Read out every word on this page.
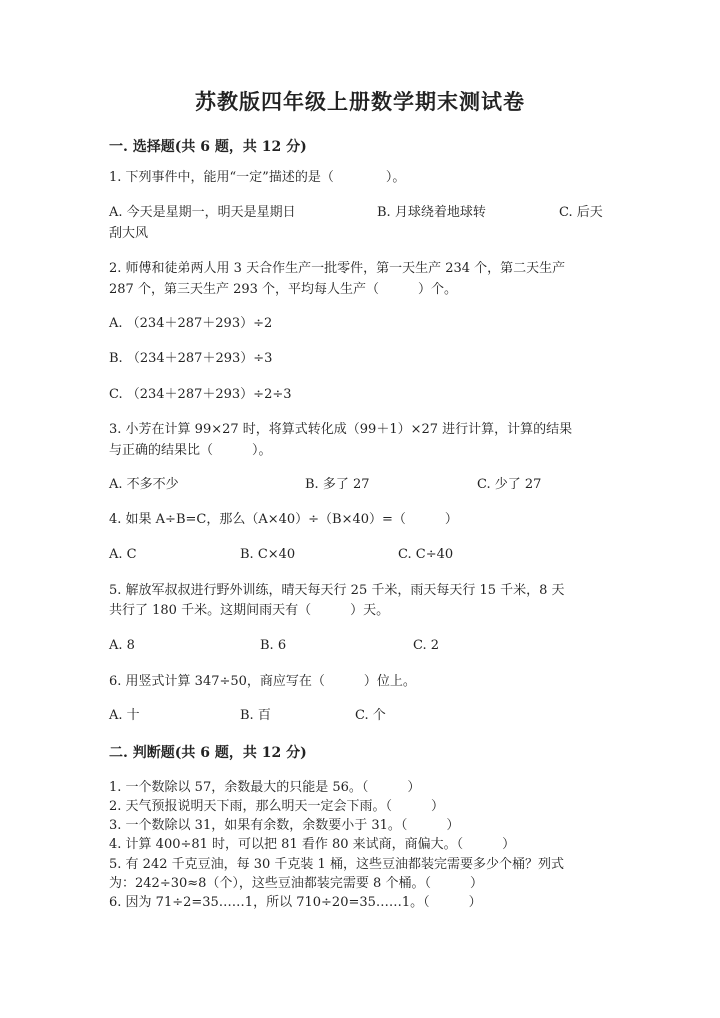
苏教版四年级上册数学期末测试卷
一. 选择题(共 6 题，共 12 分)
1. 下列事件中，能用“一定”描述的是（　　　　）。
A. 今天是星期一，明天是星期日	B. 月球绕着地球转	C. 后天
刮大风
2. 师傅和徒弟两人用 3 天合作生产一批零件，第一天生产 234 个，第二天生产
287 个，第三天生产 293 个，平均每人生产（　　　）个。
A. （234＋287＋293）÷2
B. （234＋287＋293）÷3
C. （234＋287＋293）÷2÷3
3. 小芳在计算 99×27 时，将算式转化成（99＋1）×27 进行计算，计算的结果
与正确的结果比（　　　）。
A. 不多不少	B. 多了 27	C. 少了 27
4. 如果 A÷B=C，那么（A×40）÷（B×40）=（　　　）
A. C	B. C×40	C. C÷40
5. 解放军叔叔进行野外训练，晴天每天行 25 千米，雨天每天行 15 千米，8 天
共行了 180 千米。这期间雨天有（　　　）天。
A. 8	B. 6	C. 2
6. 用竖式计算 347÷50，商应写在（　　　）位上。
A. 十	B. 百	C. 个
二. 判断题(共 6 题，共 12 分)
1. 一个数除以 57，余数最大的只能是 56。（　　　）
2. 天气预报说明天下雨，那么明天一定会下雨。（　　　）
3. 一个数除以 31，如果有余数，余数要小于 31。（　　　）
4. 计算 400÷81 时，可以把 81 看作 80 来试商，商偏大。（　　　）
5. 有 242 千克豆油，每 30 千克装 1 桶，这些豆油都装完需要多少个桶？列式
为：242÷30≈8（个），这些豆油都装完需要 8 个桶。（　　　）
6. 因为 71÷2=35……1，所以 710÷20=35……1。（　　　）
